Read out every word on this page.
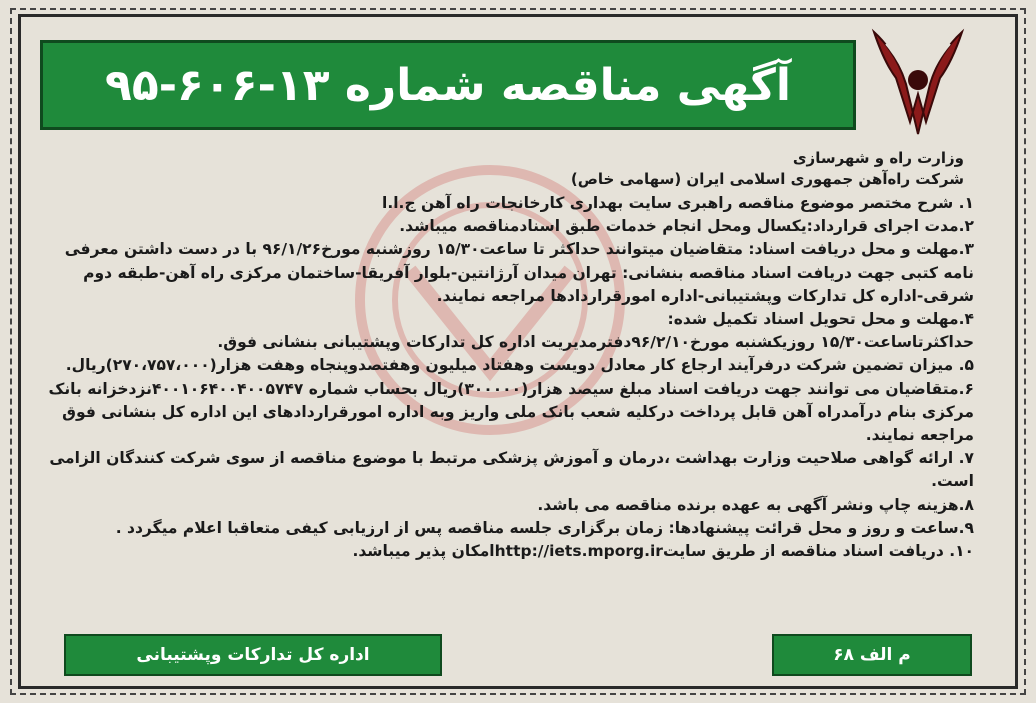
آگهی مناقصه شماره ۱۳-۶۰۶-۹۵
وزارت راه و شهرسازی
شرکت راه‌آهن جمهوری اسلامی ایران (سهامی خاص)

۱. شرح مختصر موضوع مناقصه راهبری سایت بهداری کارخانجات راه آهن ج.ا.ا

۲.مدت اجرای قرارداد:یکسال ومحل انجام خدمات طبق اسنادمناقصه میباشد.

۳.مهلت و محل دریافت اسناد: متقاضیان میتوانند حداکثر تا ساعت۱۵/۳۰ روزشنبه مورخ۹۶/۱/۲۶ با در دست داشتن معرفی نامه کتبی جهت دریافت اسناد مناقصه بنشانی: تهران میدان آرژانتین-بلوار آفریقا-ساختمان مرکزی راه آهن-طبقه دوم شرقی-اداره کل تدارکات وپشتیبانی-اداره امورقراردادها مراجعه نمایند.

۴.مهلت و محل تحویل اسناد تکمیل شده:

حداکثرتاساعت۱۵/۳۰ روزیکشنبه مورخ۹۶/۲/۱۰دفترمدیریت اداره کل تدارکات وپشتیبانی بنشانی فوق.

۵. میزان تضمین شرکت درفرآیند ارجاع کار معادل دویست وهفتاد میلیون وهفتصدوپنجاه وهفت هزار(۲۷۰،۷۵۷،۰۰۰)ریال.

۶.متقاضیان می توانند جهت دریافت اسناد مبلغ سیصد هزار(۳۰۰۰۰۰)ریال بحساب شماره ۴۰۰۱۰۶۴۰۰۴۰۰۵۷۴۷نزدخزانه بانک مرکزی بنام درآمدراه آهن قابل پرداخت درکلیه شعب بانک ملی واریز وبه اداره امورقراردادهای این اداره کل بنشانی فوق مراجعه نمایند.

۷. ارائه گواهی صلاحیت وزارت بهداشت ،درمان و آموزش پزشکی مرتبط با موضوع مناقصه از سوی شرکت کنندگان الزامی است.

۸.هزینه چاپ ونشر آگهی به عهده برنده مناقصه می باشد.

۹.ساعت و روز و محل قرائت پیشنهادها: زمان برگزاری جلسه مناقصه پس از ارزیابی کیفی متعاقبا اعلام میگردد .

۱۰. دریافت اسناد مناقصه از طریق سایتhttp://iets.mporg.irامکان پذیر میباشد.

اداره کل تدارکات وپشتیبانی	م الف ۶۸
